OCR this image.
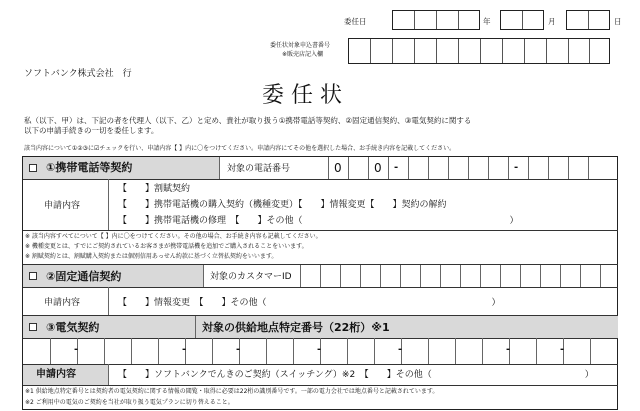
委任日	年	月	日
委任状対象申込書番号
※販売店記入欄
ソフトバンク株式会社　行
委 任 状
私（以下、甲）は、下記の者を代理人（以下、乙）と定め、貴社が取り扱う①携帯電話等契約、②固定通信契約、③電気契約に関する
以下の申請手続きの一切を委任します。
該当内容について①②③に☑チェックを行い、申請内容【 】内に〇をつけてください。申請内容にてその他を選択した場合、お手続き内容を記載してください。
①携帯電話等契約	対象の電話番号	0	0 -	-
申請内容
【　　】割賦契約
【　　】携帯電話機の購入契約（機種変更）【　　】情報変更【　　】契約の解約
【　　】携帯電話機の修理　【　　】その他（　　　　　　　　　　　　　　　　　　　　　　　）
※ 該当内容すべてについて【 】内に〇をつけてください。その他の場合、お手続き内容も記載してください。
※ 機種変更とは、すでにご契約されているお客さまが携帯電話機を追加でご購入されることをいいます。
※ 割賦契約とは、割賦購入契約または個別信用あっせん約款に基づく立替払契約をいいます。
②固定通信契約	対象のカスタマーID
申請内容	【　　】情報変更　【　　】その他（　　　　　　　　　　　　　　　　　　　　　　　　　）
③電気契約	対象の供給地点特定番号（22桁）※1
-	-	-	-	-	-	-
申請内容	【　　】ソフトバンクでんきのご契約（スイッチング）※2　【　　】その他（　　　　　　　　　　　　　　　　　）
※1 供給地点特定番号とは契約者の電気契約に関する情報の閲覧・取得に必要は22桁の識別番号です。一部の電力会社では地点番号と記載されています。
※2 ご利用中の電気のご契約を当社が取り扱う電気プランに切り替えること。
